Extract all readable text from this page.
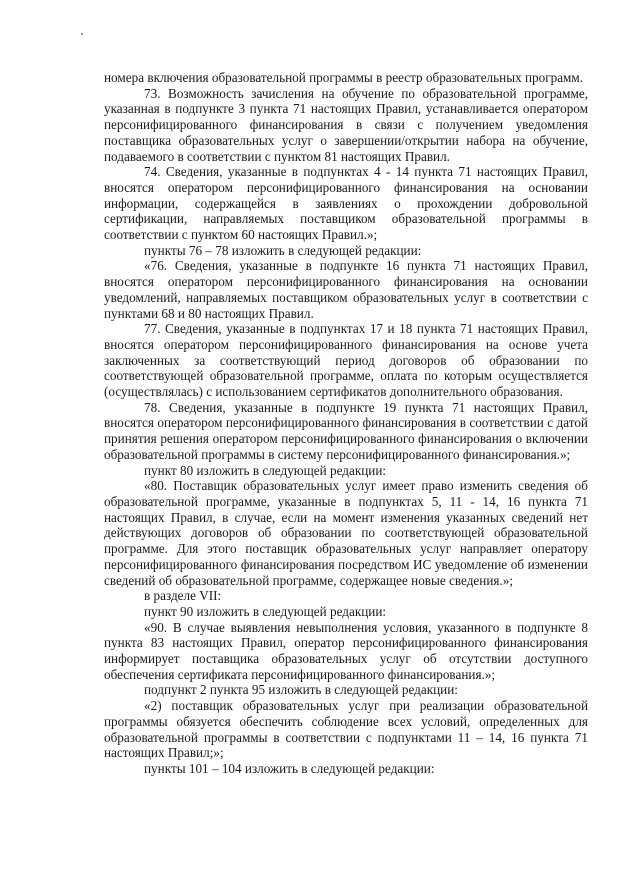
номера включения образовательной программы в реестр образовательных программ.

73. Возможность зачисления на обучение по образовательной программе, указанная в подпункте 3 пункта 71 настоящих Правил, устанавливается оператором персонифицированного финансирования в связи с получением уведомления поставщика образовательных услуг о завершении/открытии набора на обучение, подаваемого в соответствии с пунктом 81 настоящих Правил.

74. Сведения, указанные в подпунктах 4 - 14 пункта 71 настоящих Правил, вносятся оператором персонифицированного финансирования на основании информации, содержащейся в заявлениях о прохождении добровольной сертификации, направляемых поставщиком образовательной программы в соответствии с пунктом 60 настоящих Правил.»;

пункты 76 – 78 изложить в следующей редакции:

«76. Сведения, указанные в подпункте 16 пункта 71 настоящих Правил, вносятся оператором персонифицированного финансирования на основании уведомлений, направляемых поставщиком образовательных услуг в соответствии с пунктами 68 и 80 настоящих Правил.

77. Сведения, указанные в подпунктах 17 и 18 пункта 71 настоящих Правил, вносятся оператором персонифицированного финансирования на основе учета заключенных за соответствующий период договоров об образовании по соответствующей образовательной программе, оплата по которым осуществляется (осуществлялась) с использованием сертификатов дополнительного образования.

78. Сведения, указанные в подпункте 19 пункта 71 настоящих Правил, вносятся оператором персонифицированного финансирования в соответствии с датой принятия решения оператором персонифицированного финансирования о включении образовательной программы в систему персонифицированного финансирования.»;

пункт 80 изложить в следующей редакции:

«80. Поставщик образовательных услуг имеет право изменить сведения об образовательной программе, указанные в подпунктах 5, 11 - 14, 16 пункта 71 настоящих Правил, в случае, если на момент изменения указанных сведений нет действующих договоров об образовании по соответствующей образовательной программе. Для этого поставщик образовательных услуг направляет оператору персонифицированного финансирования посредством ИС уведомление об изменении сведений об образовательной программе, содержащее новые сведения.»;

в разделе VII:

пункт 90 изложить в следующей редакции:

«90. В случае выявления невыполнения условия, указанного в подпункте 8 пункта 83 настоящих Правил, оператор персонифицированного финансирования информирует поставщика образовательных услуг об отсутствии доступного обеспечения сертификата персонифицированного финансирования.»;

подпункт 2 пункта 95 изложить в следующей редакции:

«2) поставщик образовательных услуг при реализации образовательной программы обязуется обеспечить соблюдение всех условий, определенных для образовательной программы в соответствии с подпунктами 11 – 14, 16 пункта 71 настоящих Правил;»;

пункты 101 – 104 изложить в следующей редакции:
